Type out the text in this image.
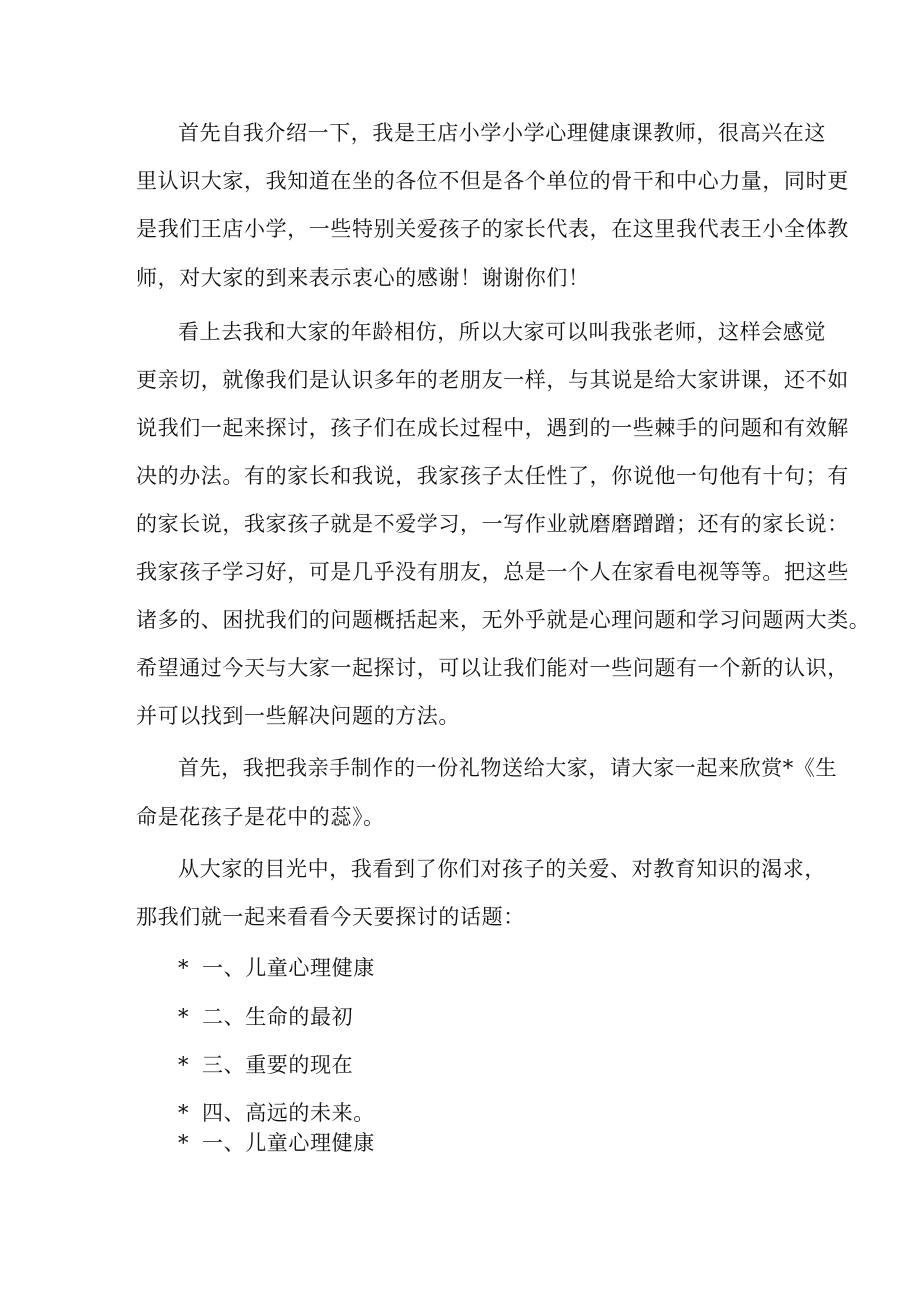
首先自我介绍一下，我是王店小学小学心理健康课教师，很高兴在这
里认识大家，我知道在坐的各位不但是各个单位的骨干和中心力量，同时更
是我们王店小学，一些特别关爱孩子的家长代表，在这里我代表王小全体教
师，对大家的到来表示衷心的感谢！谢谢你们！
看上去我和大家的年龄相仿，所以大家可以叫我张老师，这样会感觉
更亲切，就像我们是认识多年的老朋友一样，与其说是给大家讲课，还不如
说我们一起来探讨，孩子们在成长过程中，遇到的一些棘手的问题和有效解
决的办法。有的家长和我说，我家孩子太任性了，你说他一句他有十句；有
的家长说，我家孩子就是不爱学习，一写作业就磨磨蹭蹭；还有的家长说：
我家孩子学习好，可是几乎没有朋友，总是一个人在家看电视等等。把这些
诸多的、困扰我们的问题概括起来，无外乎就是心理问题和学习问题两大类。
希望通过今天与大家一起探讨，可以让我们能对一些问题有一个新的认识，
并可以找到一些解决问题的方法。
首先，我把我亲手制作的一份礼物送给大家，请大家一起来欣赏*《生
命是花孩子是花中的蕊》。
从大家的目光中，我看到了你们对孩子的关爱、对教育知识的渴求，
那我们就一起来看看今天要探讨的话题：
* 一、儿童心理健康
* 二、生命的最初
* 三、重要的现在
* 四、高远的未来。
* 一、儿童心理健康
